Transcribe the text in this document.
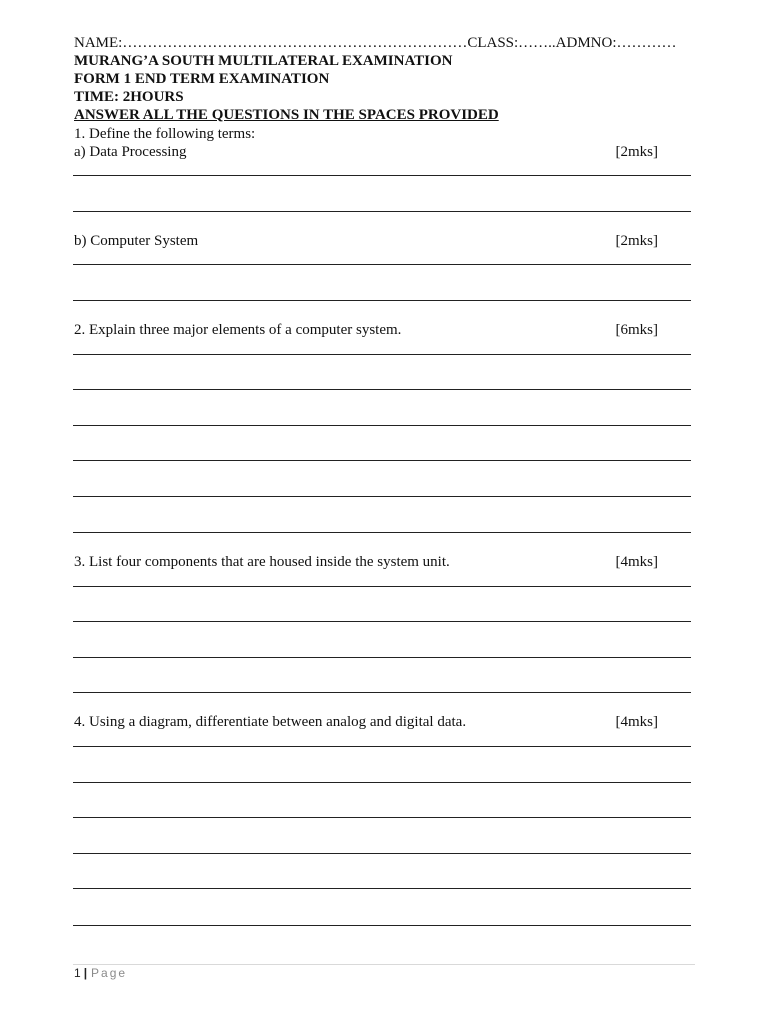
NAME:……………………………………………………………CLASS:……..ADMNO:…………
MURANG’A SOUTH MULTILATERAL EXAMINATION
FORM 1 END TERM EXAMINATION
TIME: 2HOURS
ANSWER ALL THE QUESTIONS IN THE SPACES PROVIDED
1. Define the following terms:
a) Data Processing	[2mks]
b) Computer System	[2mks]
2. Explain three major elements of a computer system.	[6mks]
3. List four components that are housed inside the system unit.	[4mks]
4. Using a diagram, differentiate between analog and digital data.	[4mks]
1 | Page
